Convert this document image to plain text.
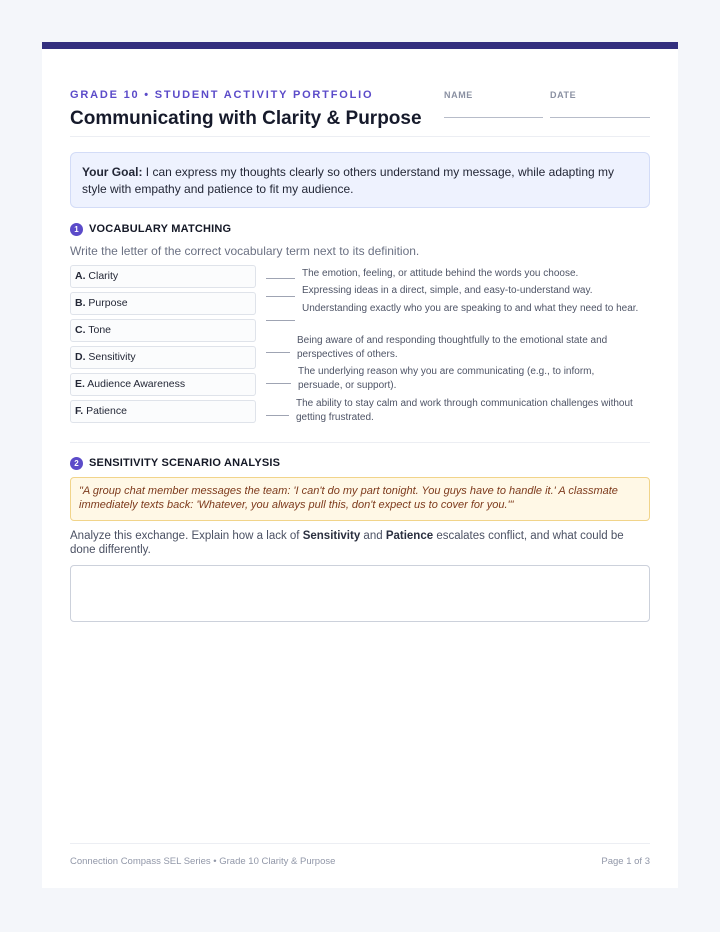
GRADE 10 • STUDENT ACTIVITY PORTFOLIO
Communicating with Clarity & Purpose
NAME	DATE
Your Goal: I can express my thoughts clearly so others understand my message, while adapting my style with empathy and patience to fit my audience.
1 VOCABULARY MATCHING
Write the letter of the correct vocabulary term next to its definition.
A. Clarity
B. Purpose
C. Tone
D. Sensitivity
E. Audience Awareness
F. Patience
The emotion, feeling, or attitude behind the words you choose.
Expressing ideas in a direct, simple, and easy-to-understand way.
Understanding exactly who you are speaking to and what they need to hear.
Being aware of and responding thoughtfully to the emotional state and perspectives of others.
The underlying reason why you are communicating (e.g., to inform, persuade, or support).
The ability to stay calm and work through communication challenges without getting frustrated.
2 SENSITIVITY SCENARIO ANALYSIS
"A group chat member messages the team: 'I can't do my part tonight. You guys have to handle it.' A classmate immediately texts back: 'Whatever, you always pull this, don't expect us to cover for you.'"
Analyze this exchange. Explain how a lack of Sensitivity and Patience escalates conflict, and what could be done differently.
Connection Compass SEL Series • Grade 10 Clarity & Purpose	Page 1 of 3
